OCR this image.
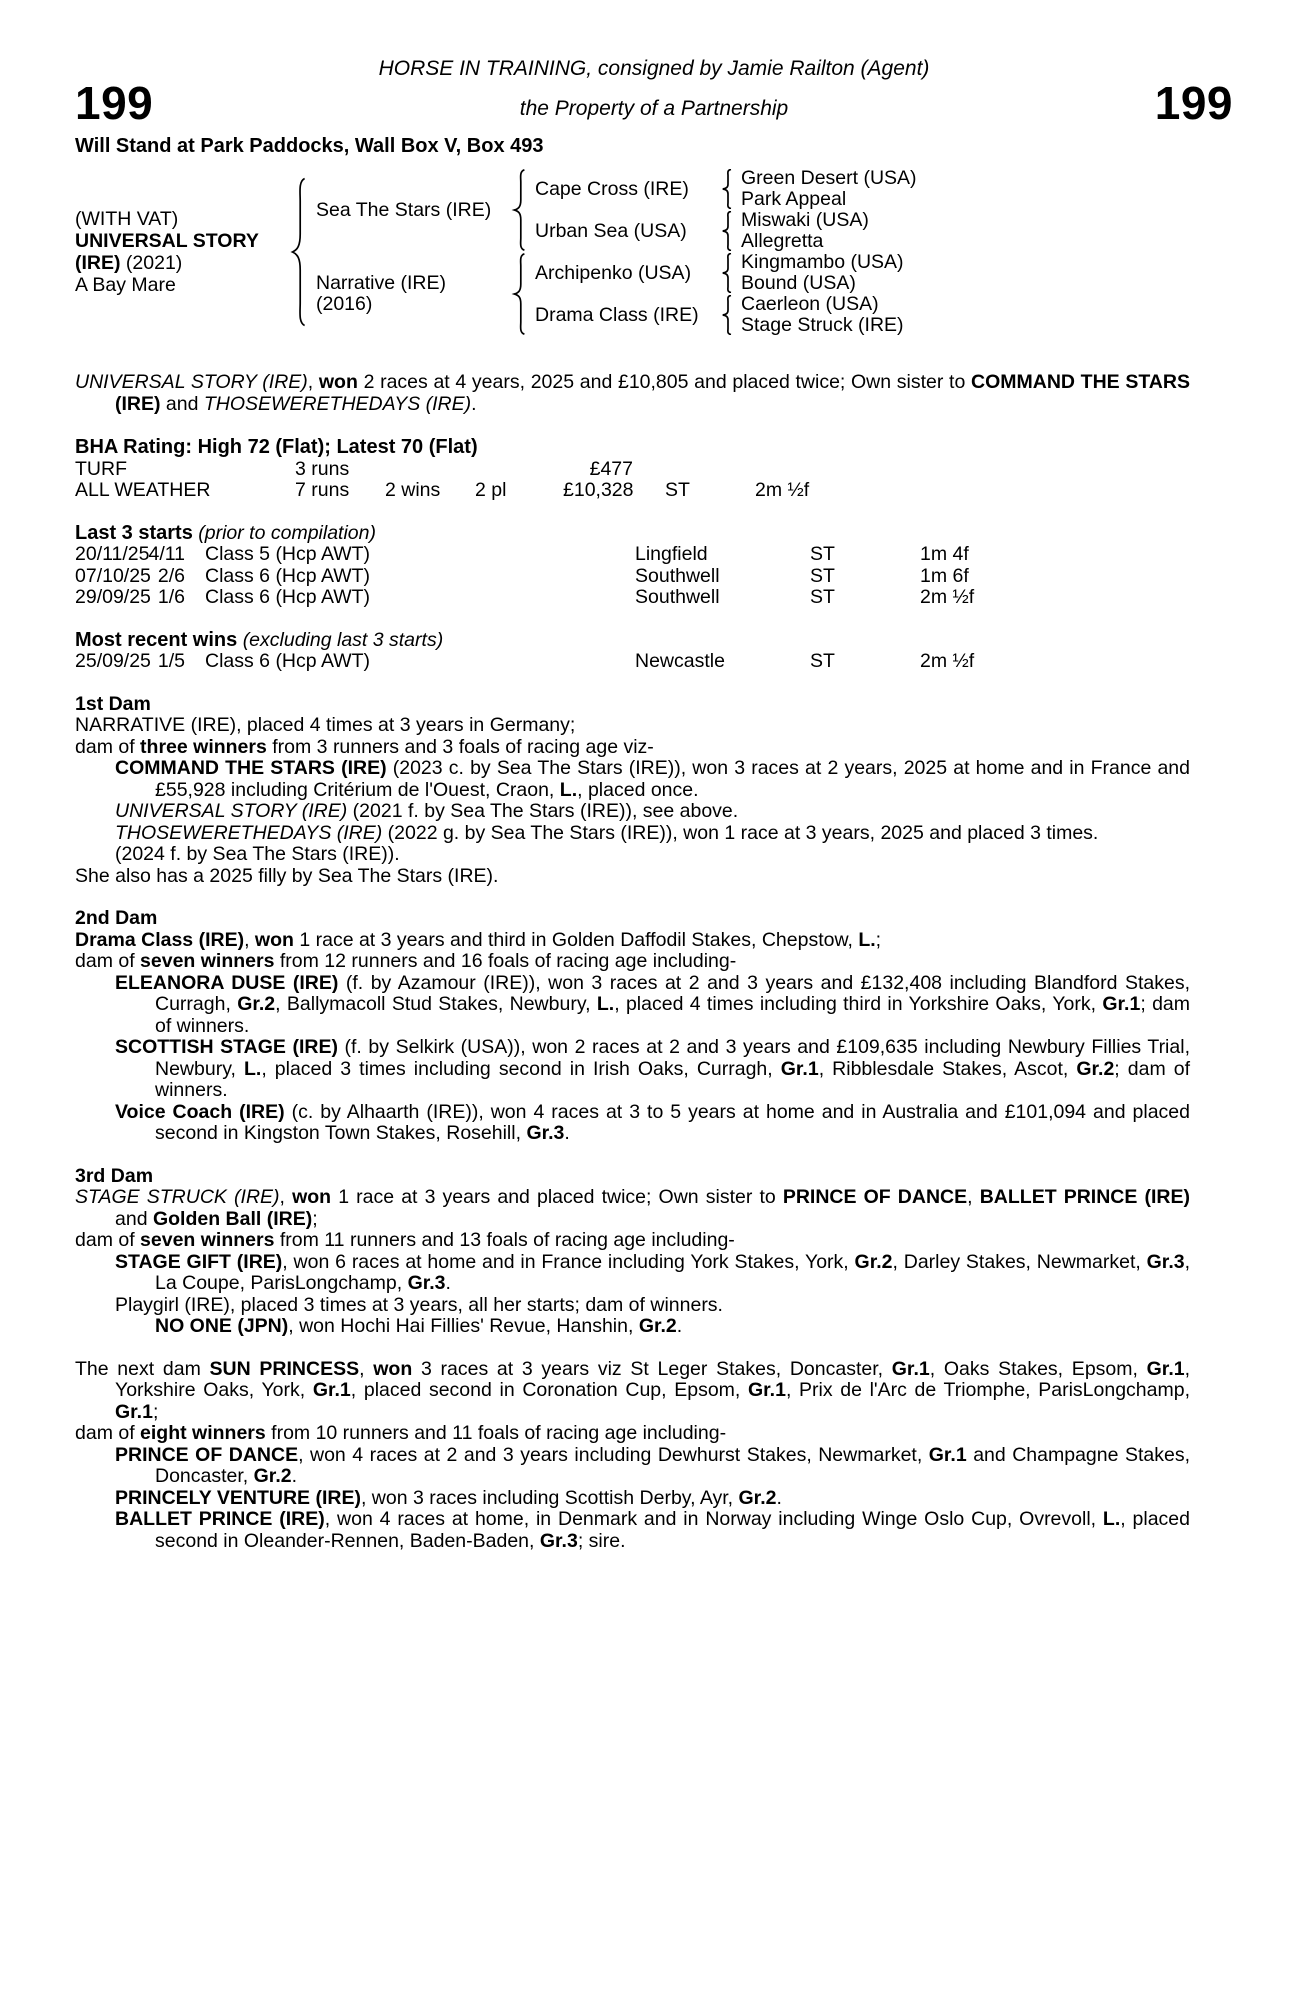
HORSE IN TRAINING, consigned by Jamie Railton (Agent)
199	the Property of a Partnership	199
Will Stand at Park Paddocks, Wall Box V, Box 493
(WITH VAT)
UNIVERSAL STORY (IRE) (2021)
A Bay Mare
Sea The Stars (IRE)
Cape Cross (IRE)	Green Desert (USA)
Park Appeal
Urban Sea (USA)	Miswaki (USA)
Allegretta
Narrative (IRE)
(2016)
Archipenko (USA)	Kingmambo (USA)
Bound (USA)
Drama Class (IRE)	Caerleon (USA)
Stage Struck (IRE)

UNIVERSAL STORY (IRE), won 2 races at 4 years, 2025 and £10,805 and placed twice; Own sister to COMMAND THE STARS (IRE) and THOSEWERETHEDAYS (IRE).

BHA Rating: High 72 (Flat); Latest 70 (Flat)

TURF	3 runs	£477
ALL WEATHER	7 runs	2 wins	2 pl	£10,328	ST	2m ½f

Last 3 starts (prior to compilation)

20/11/25 4/11	Class 5 (Hcp AWT)	Lingfield	ST	1m 4f
07/10/25 2/6	Class 6 (Hcp AWT)	Southwell	ST	1m 6f
29/09/25 1/6	Class 6 (Hcp AWT)	Southwell	ST	2m ½f

Most recent wins (excluding last 3 starts)

25/09/25 1/5	Class 6 (Hcp AWT)	Newcastle	ST	2m ½f

1st Dam

NARRATIVE (IRE), placed 4 times at 3 years in Germany;

dam of three winners from 3 runners and 3 foals of racing age viz-

COMMAND THE STARS (IRE) (2023 c. by Sea The Stars (IRE)), won 3 races at 2 years, 2025 at home and in France and £55,928 including Critérium de l'Ouest, Craon, L., placed once.

UNIVERSAL STORY (IRE) (2021 f. by Sea The Stars (IRE)), see above.

THOSEWERETHEDAYS (IRE) (2022 g. by Sea The Stars (IRE)), won 1 race at 3 years, 2025 and placed 3 times.

(2024 f. by Sea The Stars (IRE)).

She also has a 2025 filly by Sea The Stars (IRE).

2nd Dam

Drama Class (IRE), won 1 race at 3 years and third in Golden Daffodil Stakes, Chepstow, L.;

dam of seven winners from 12 runners and 16 foals of racing age including-

ELEANORA DUSE (IRE) (f. by Azamour (IRE)), won 3 races at 2 and 3 years and £132,408 including Blandford Stakes, Curragh, Gr.2, Ballymacoll Stud Stakes, Newbury, L., placed 4 times including third in Yorkshire Oaks, York, Gr.1; dam of winners.

SCOTTISH STAGE (IRE) (f. by Selkirk (USA)), won 2 races at 2 and 3 years and £109,635 including Newbury Fillies Trial, Newbury, L., placed 3 times including second in Irish Oaks, Curragh, Gr.1, Ribblesdale Stakes, Ascot, Gr.2; dam of winners.

Voice Coach (IRE) (c. by Alhaarth (IRE)), won 4 races at 3 to 5 years at home and in Australia and £101,094 and placed second in Kingston Town Stakes, Rosehill, Gr.3.

3rd Dam

STAGE STRUCK (IRE), won 1 race at 3 years and placed twice; Own sister to PRINCE OF DANCE, BALLET PRINCE (IRE) and Golden Ball (IRE);

dam of seven winners from 11 runners and 13 foals of racing age including-

STAGE GIFT (IRE), won 6 races at home and in France including York Stakes, York, Gr.2, Darley Stakes, Newmarket, Gr.3, La Coupe, ParisLongchamp, Gr.3.

Playgirl (IRE), placed 3 times at 3 years, all her starts; dam of winners.

NO ONE (JPN), won Hochi Hai Fillies' Revue, Hanshin, Gr.2.

The next dam SUN PRINCESS, won 3 races at 3 years viz St Leger Stakes, Doncaster, Gr.1, Oaks Stakes, Epsom, Gr.1, Yorkshire Oaks, York, Gr.1, placed second in Coronation Cup, Epsom, Gr.1, Prix de l'Arc de Triomphe, ParisLongchamp, Gr.1;

dam of eight winners from 10 runners and 11 foals of racing age including-

PRINCE OF DANCE, won 4 races at 2 and 3 years including Dewhurst Stakes, Newmarket, Gr.1 and Champagne Stakes, Doncaster, Gr.2.

PRINCELY VENTURE (IRE), won 3 races including Scottish Derby, Ayr, Gr.2.

BALLET PRINCE (IRE), won 4 races at home, in Denmark and in Norway including Winge Oslo Cup, Ovrevoll, L., placed second in Oleander-Rennen, Baden-Baden, Gr.3; sire.
